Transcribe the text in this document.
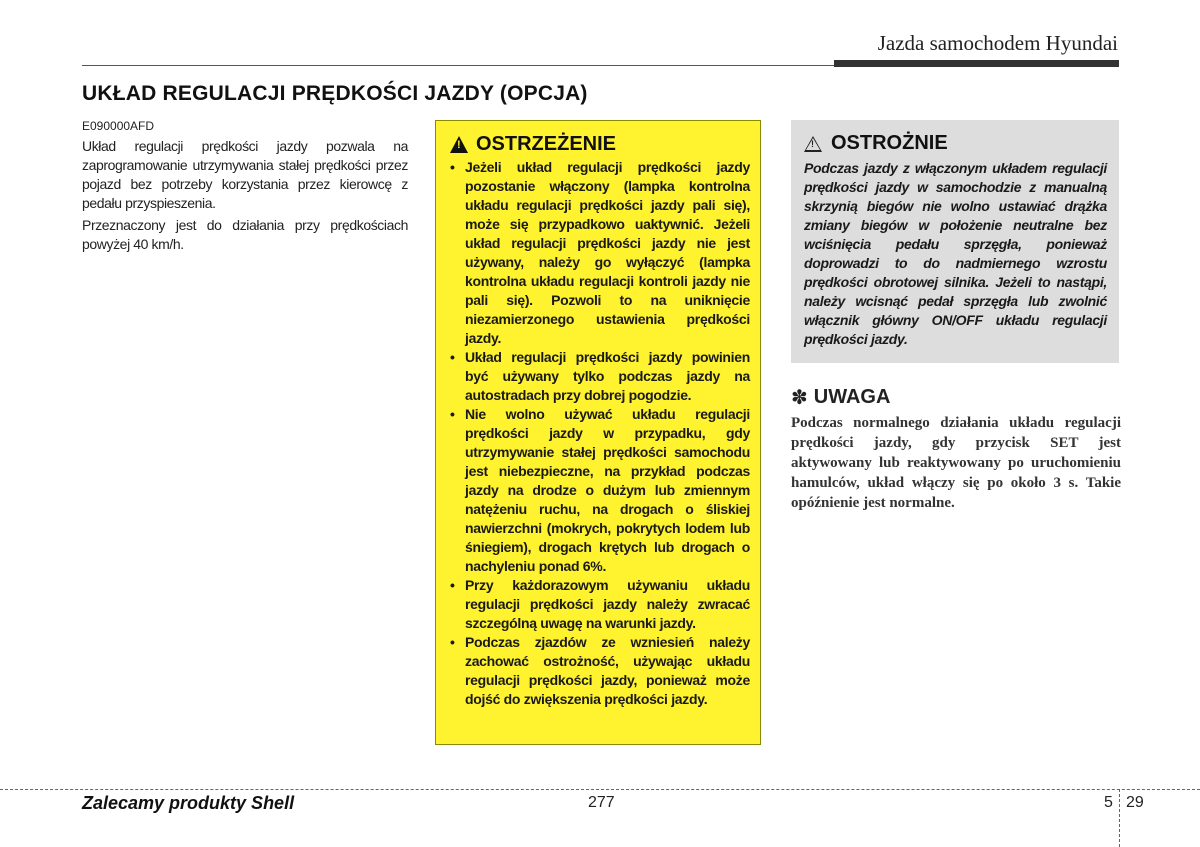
Jazda samochodem Hyundai
UKŁAD REGULACJI PRĘDKOŚCI JAZDY (OPCJA)
E090000AFD

Układ regulacji prędkości jazdy pozwala na zaprogramowanie utrzymywania stałej prędkości przez pojazd bez potrzeby korzystania przez kierowcę z pedału przyspieszenia.

Przeznaczony jest do działania przy prędkościach powyżej 40 km/h.

! OSTRZEŻENIE
• Jeżeli układ regulacji prędkości jazdy pozostanie włączony (lampka kontrolna układu regulacji prędkości jazdy pali się), może się przypadkowo uaktywnić. Jeżeli układ regulacji prędkości jazdy nie jest używany, należy go wyłączyć (lampka kontrolna układu regulacji kontroli jazdy nie pali się). Pozwoli to na uniknięcie niezamierzonego ustawienia prędkości jazdy.
• Układ regulacji prędkości jazdy powinien być używany tylko podczas jazdy na autostradach przy dobrej pogodzie.
• Nie wolno używać układu regulacji prędkości jazdy w przypadku, gdy utrzymywanie stałej prędkości samochodu jest niebezpieczne, na przykład podczas jazdy na drodze o dużym lub zmiennym natężeniu ruchu, na drogach o śliskiej nawierzchni (mokrych, pokrytych lodem lub śniegiem), drogach krętych lub drogach o nachyleniu ponad 6%.
• Przy każdorazowym używaniu układu regulacji prędkości jazdy należy zwracać szczególną uwagę na warunki jazdy.
• Podczas zjazdów ze wzniesień należy zachować ostrożność, używając układu regulacji prędkości jazdy, ponieważ może dojść do zwiększenia prędkości jazdy.
! OSTROŻNIE
Podczas jazdy z włączonym układem regulacji prędkości jazdy w samochodzie z manualną skrzynią biegów nie wolno ustawiać drążka zmiany biegów w położenie neutralne bez wciśnięcia pedału sprzęgła, ponieważ doprowadzi to do nadmiernego wzrostu prędkości obrotowej silnika. Jeżeli to nastąpi, należy wcisnąć pedał sprzęgła lub zwolnić włącznik główny ON/OFF układu regulacji prędkości jazdy.
✽ UWAGA
Podczas normalnego działania układu regulacji prędkości jazdy, gdy przycisk SET jest aktywowany lub reaktywowany po uruchomieniu hamulców, układ włączy się po około 3 s. Takie opóźnienie jest normalne.
Zalecamy produkty Shell	277	5 29
